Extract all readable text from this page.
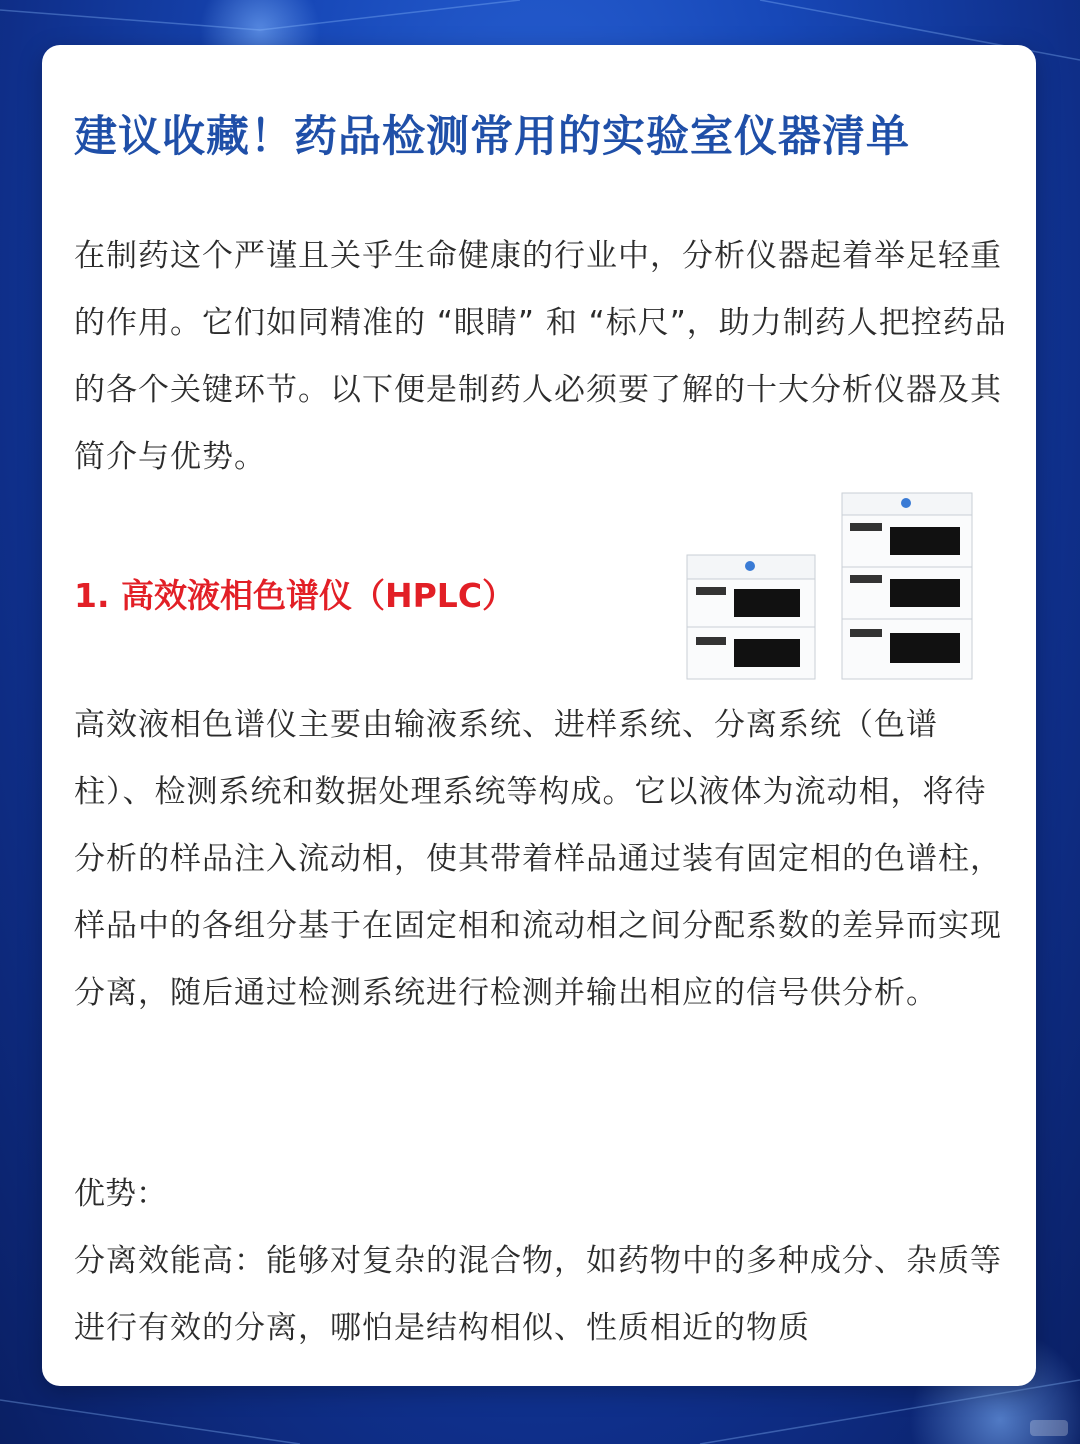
建议收藏！药品检测常用的实验室仪器清单

在制药这个严谨且关乎生命健康的行业中，分析仪器起着举足轻重的作用。它们如同精准的 “眼睛” 和 “标尺”，助力制药人把控药品的各个关键环节。以下便是制药人必须要了解的十大分析仪器及其简介与优势。

1. 高效液相色谱仪（HPLC）

高效液相色谱仪主要由输液系统、进样系统、分离系统（色谱柱）、检测系统和数据处理系统等构成。它以液体为流动相，将待分析的样品注入流动相，使其带着样品通过装有固定相的色谱柱，样品中的各组分基于在固定相和流动相之间分配系数的差异而实现分离，随后通过检测系统进行检测并输出相应的信号供分析。

优势：

分离效能高：能够对复杂的混合物，如药物中的多种成分、杂质等进行有效的分离，哪怕是结构相似、性质相近的物质
